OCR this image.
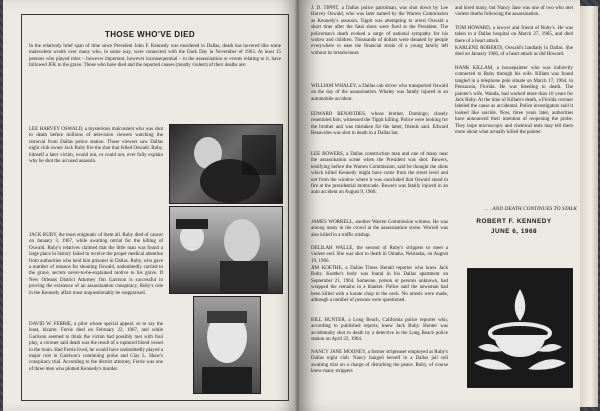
THOSE WHO'VE DIED
In the relatively brief span of time since President John F. Kennedy was murdered in Dallas, death has hovered like some malevolent wraith over many who, in some way, were connected with the Dark Day in November of 1963. At least 15 persons who played roles – however important, however inconsequential – in the assassination or events relating to it, have followed JFK to the grave. Those who have died and the reported causes (mostly violent) of their deaths are:
LEE HARVEY OSWALD, a mysterious malcontent who was shot to death before millions of television viewers watching the removal from Dallas police station. Those viewers saw Dallas night club owner Jack Ruby fire the shot that felled Oswald. Ruby, himself a later victim, would not, or could not, ever fully explain why he shot the accused assassin.
JACK RUBY, the most enigmatic of them all. Ruby died of cancer on January 3, 1967, while awaiting retrial for the killing of Oswald. Ruby's relatives claimed that the little man was found a large place in history failed to receive the proper medical attention from authorities who held him prisoner in Dallas. Ruby, who gave a number of reasons for shooting Oswald, undoubtedly carried to the grave, secrets never-to-be-explained motive to his grave. If New Orleans District Attorney Jim Garrison is successful in proving the existence of an assassination conspiracy, Ruby's role in the Kennedy affair must unquestionably be reappraised.
DAVID W. FERRIE, a pilot whose special appeal, so to say the least, bizarre. Ferrie died on February 22, 1967, and while Garrison seemed to think the victim had possibly met with foul play, a coroner said death was the result of a ruptured blood vessel in the brain. Had Ferrie lived, he would have undoubtedly played a major role in Garrison's continuing probe and Clay L. Shaw's conspiracy trial. According to the district attorney, Ferrie was one of three men who plotted Kennedy's murder.
J. D. TIPPIT, a Dallas police patrolman, was shot down by Lee Harvey Oswald, who was later named by the Warren Commission as Kennedy's assassin. Tippit was attempting to arrest Oswald a short time after the fatal shots were fired at the President. The policeman's death evoked a surge of national sympathy for his widow and children. Thousands of dollars were donated by people everywhere to ease the financial strain of a young family left without its breadwinner.
WILLIAM WHALEY, a Dallas cab driver who transported Oswald on the day of the assassination. Whaley was fatally injured in an automobile accident.
EDWARD BENAVIDES, whose brother, Domingo, closely resembled him, witnessed the Tippit killing. Police were looking for the brother and was mistaken for the latter, friends said. Edward Benavides was shot to death in a Dallas bar.
LEE BOWERS, a Dallas construction man and one of many near the assassination scene when the President was shot. Bowers, testifying before the Warren Commission, said he thought the shots which killed Kennedy might have come from the street level and not from the window where it was concluded that Oswald stood to fire at the presidential motorcade. Bowers was fatally injured in an auto accident on August 9, 1966.
JAMES WORRELL, another Warren Commission witness. He was among many in the crowd at the assassination scene. Worrell was also killed in a traffic mishap.
DELILAH WALLE, the second of Ruby's strippers to meet a violent end. She was shot to death in Omaha, Nebraska, on August 19, 1966.
JIM KOETHE, a Dallas Times Herald reporter who knew Jack Ruby. Koethe's body was found in his Dallas apartment on September 21, 1964. Someone, person or persons unknown, had wrapped the remains in a blanket. Police said the newsman had been killed with a karate chop to the neck. No arrests were made, although a number of persons were questioned.
BILL HUNTER, a Long Beach, California police reporter who, according to published reports, knew Jack Ruby. Hunter was accidentally shot to death by a detective in the Long Beach police station on April 23, 1964.
NANCY JANE MOONEY, a former stripteaser employed at Ruby's Dallas night club. Nancy hanged herself in a Dallas jail cell awaiting trial on a charge of disturbing the peace. Ruby, of course knew many strippers
and hired many, but Nancy Jane was one of two who met violent deaths following the assassination.
TOM HOWARD, a lawyer and friend of Ruby's. He was taken to a Dallas hospital on March 27, 1965, and died there of a heart attack.
KARLENE ROBERTS, Oswald's landlady in Dallas. She died on January 1966, of a heart attack as did Howard.
HANK KILLAM, a housepainter who was indirectly connected to Ruby through his wife. Killam was found tangled in a telephone pole situate on March 17, 1964, in Pensacola, Florida. He was bleeding to death. The painter's wife, Wanda, had worked more than 10 years for Jack Ruby. At the time of Killam's death, a Florida coroner labeled the cause as accidental. Police investigators said it looked like suicide. Now, three years later, authorities have announced their intention of reopening the probe. They hope microscopic and chemical tests may tell them more about what actually killed the painter.
. . . AND DEATH CONTINUES TO STALK
ROBERT F. KENNEDY
JUNE 6, 1968
